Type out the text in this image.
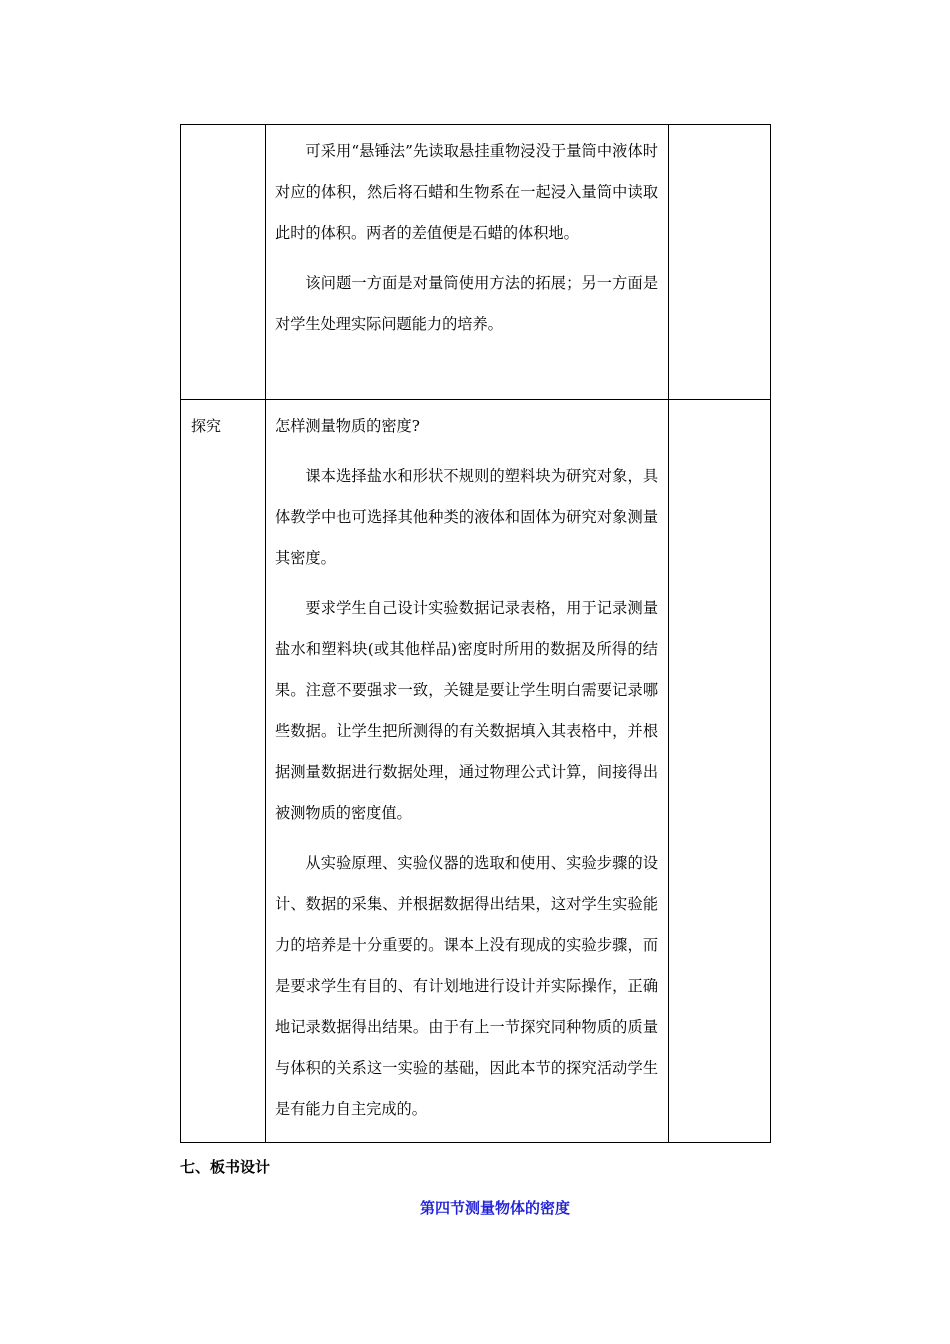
	可采用“悬锤法”先读取悬挂重物浸没于量筒中液体时对应的体积，然后将石蜡和生物系在一起浸入量筒中读取此时的体积。两者的差值便是石蜡的体积地。

该问题一方面是对量筒使用方法的拓展；另一方面是对学生处理实际问题能力的培养。	

探究	怎样测量物质的密度?

课本选择盐水和形状不规则的塑料块为研究对象，具体教学中也可选择其他种类的液体和固体为研究对象测量其密度。

要求学生自己设计实验数据记录表格，用于记录测量盐水和塑料块(或其他样品)密度时所用的数据及所得的结果。注意不要强求一致，关键是要让学生明白需要记录哪些数据。让学生把所测得的有关数据填入其表格中，并根据测量数据进行数据处理，通过物理公式计算，间接得出被测物质的密度值。

从实验原理、实验仪器的选取和使用、实验步骤的设计、数据的采集、并根据数据得出结果，这对学生实验能力的培养是十分重要的。课本上没有现成的实验步骤，而是要求学生有目的、有计划地进行设计并实际操作，正确地记录数据得出结果。由于有上一节探究同种物质的质量与体积的关系这一实验的基础，因此本节的探究活动学生是有能力自主完成的。	

七、板书设计
第四节测量物体的密度
